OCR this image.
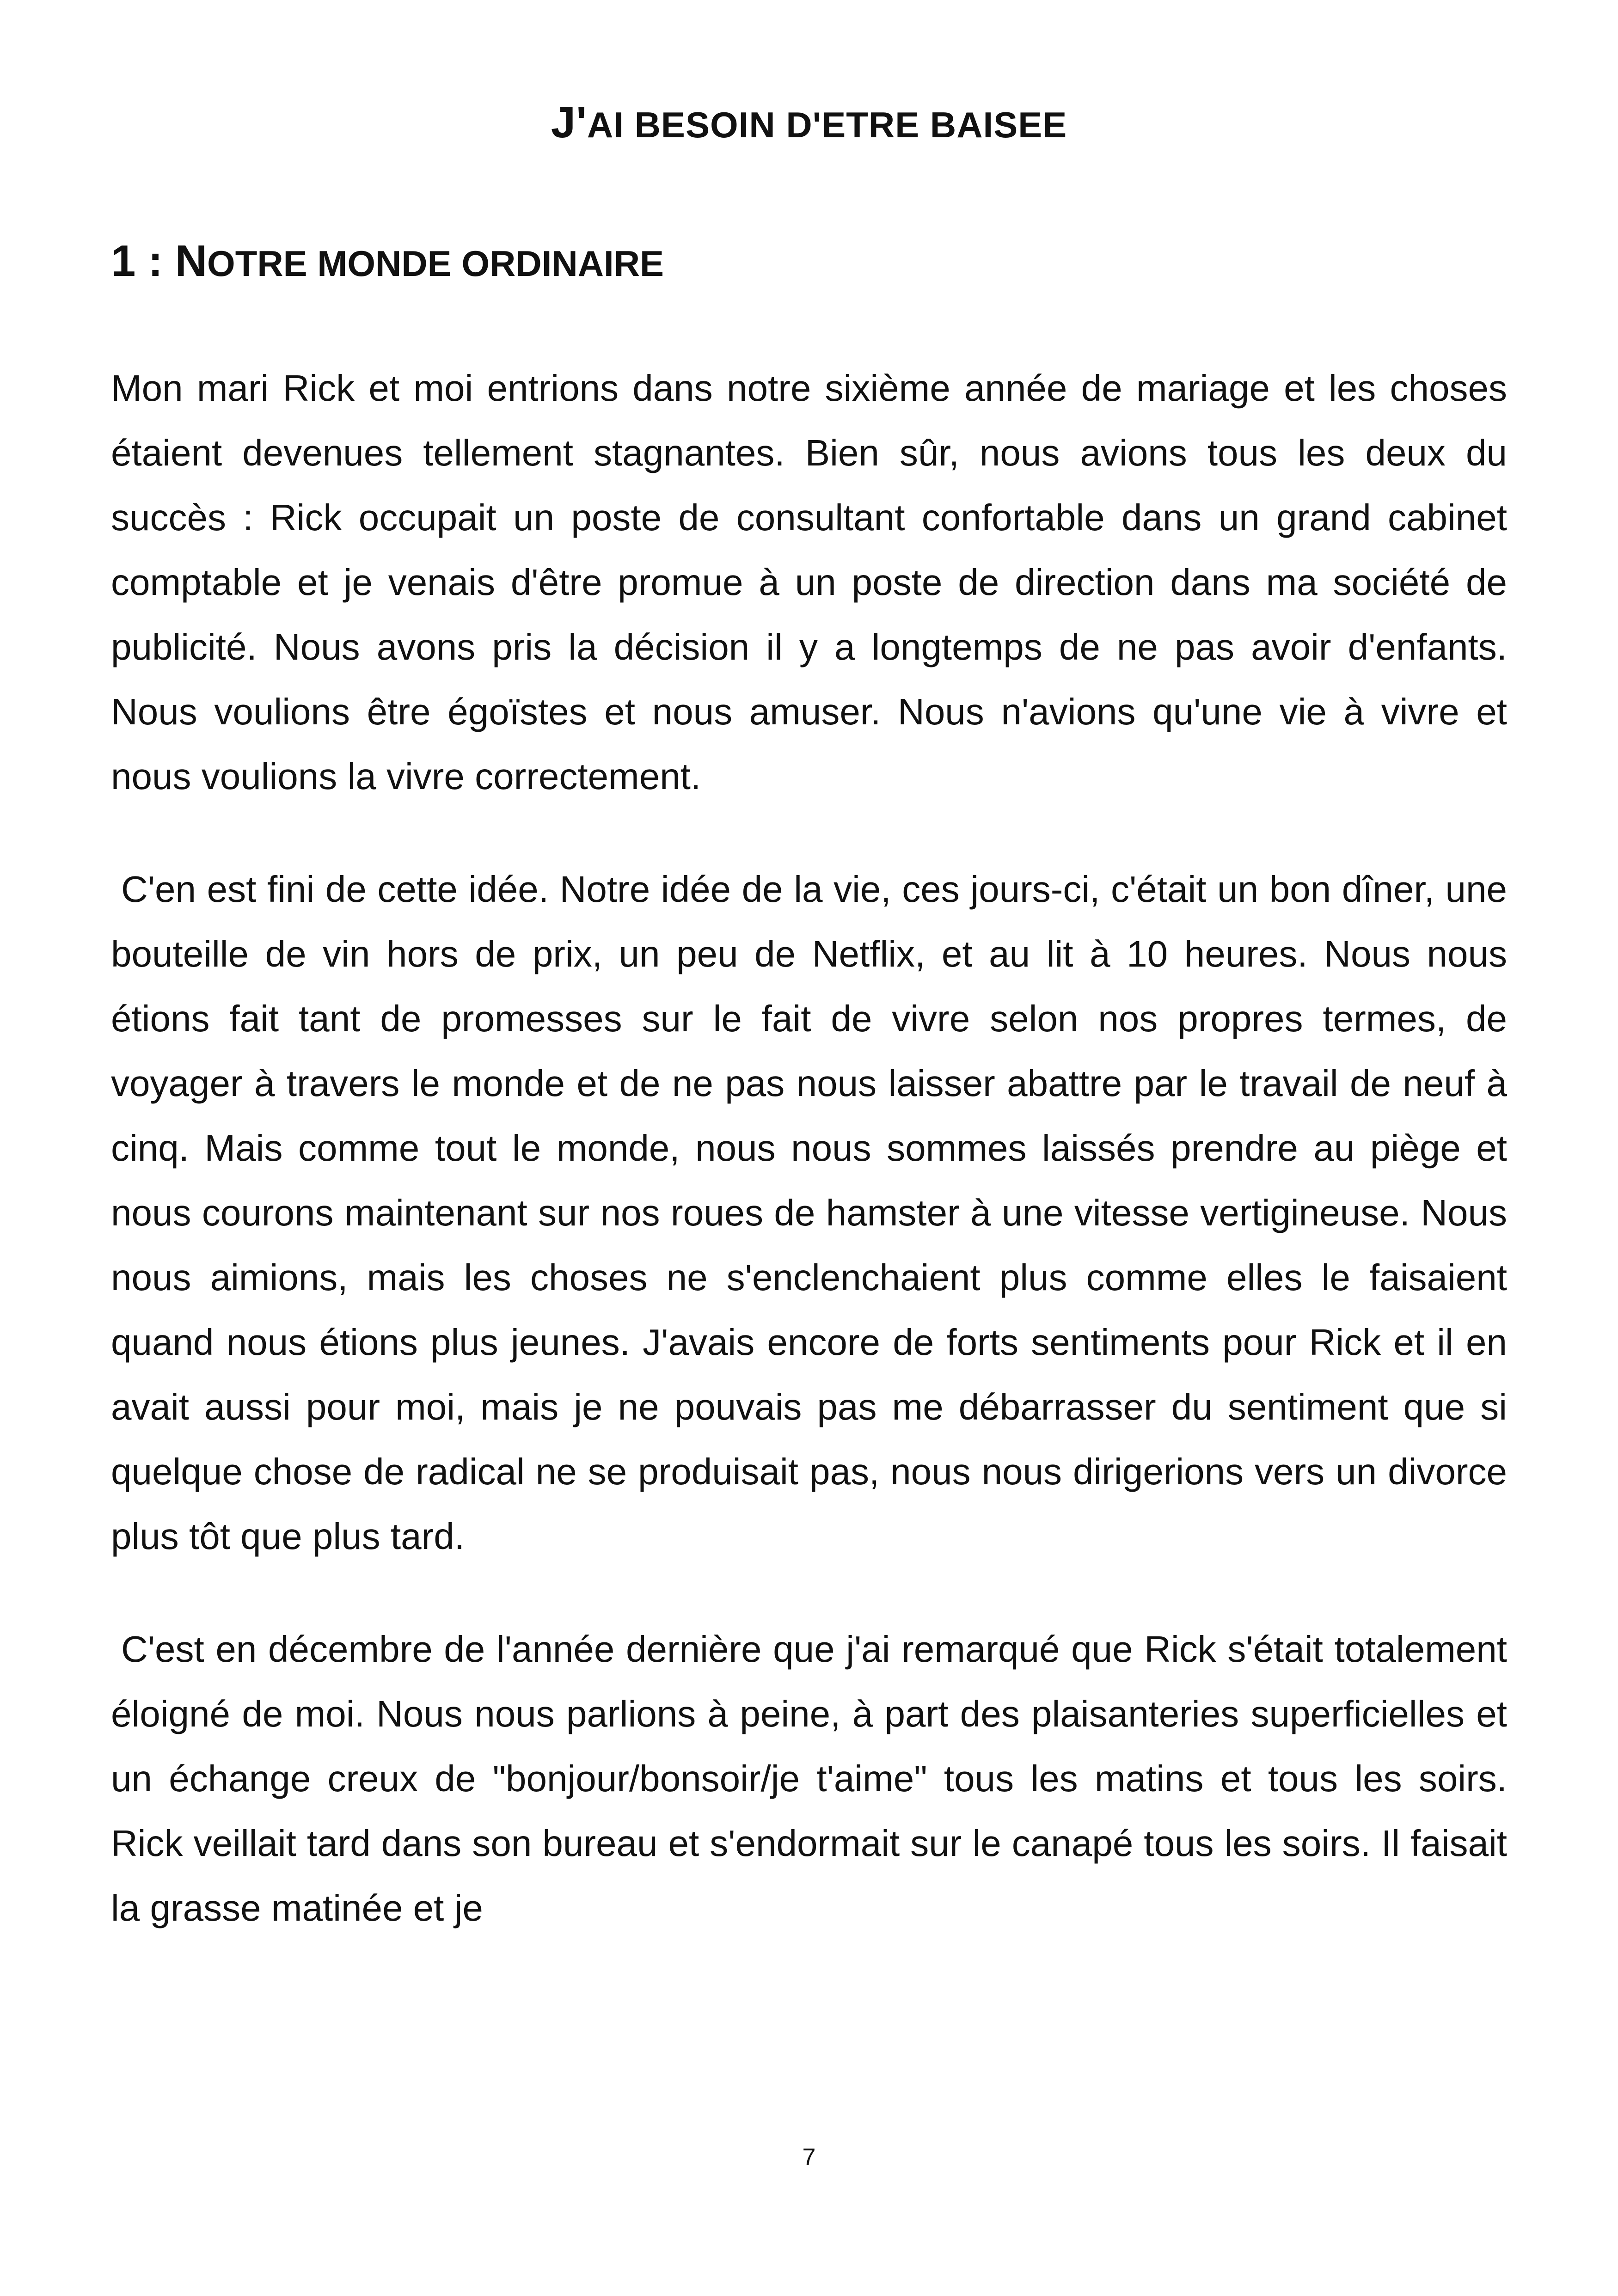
J'AI BESOIN D'ETRE BAISEE
1 : NOTRE MONDE ORDINAIRE

Mon mari Rick et moi entrions dans notre sixième année de mariage et les choses étaient devenues tellement stagnantes. Bien sûr, nous avions tous les deux du succès : Rick occupait un poste de consultant confortable dans un grand cabinet comptable et je venais d'être promue à un poste de direction dans ma société de publicité. Nous avons pris la décision il y a longtemps de ne pas avoir d'enfants. Nous voulions être égoïstes et nous amuser. Nous n'avions qu'une vie à vivre et nous voulions la vivre correctement.

C'en est fini de cette idée. Notre idée de la vie, ces jours-ci, c'était un bon dîner, une bouteille de vin hors de prix, un peu de Netflix, et au lit à 10 heures. Nous nous étions fait tant de promesses sur le fait de vivre selon nos propres termes, de voyager à travers le monde et de ne pas nous laisser abattre par le travail de neuf à cinq. Mais comme tout le monde, nous nous sommes laissés prendre au piège et nous courons maintenant sur nos roues de hamster à une vitesse vertigineuse. Nous nous aimions, mais les choses ne s'enclenchaient plus comme elles le faisaient quand nous étions plus jeunes. J'avais encore de forts sentiments pour Rick et il en avait aussi pour moi, mais je ne pouvais pas me débarrasser du sentiment que si quelque chose de radical ne se produisait pas, nous nous dirigerions vers un divorce plus tôt que plus tard.

C'est en décembre de l'année dernière que j'ai remarqué que Rick s'était totalement éloigné de moi. Nous nous parlions à peine, à part des plaisanteries superficielles et un échange creux de "bonjour/bonsoir/je t'aime" tous les matins et tous les soirs. Rick veillait tard dans son bureau et s'endormait sur le canapé tous les soirs. Il faisait la grasse matinée et je

7
